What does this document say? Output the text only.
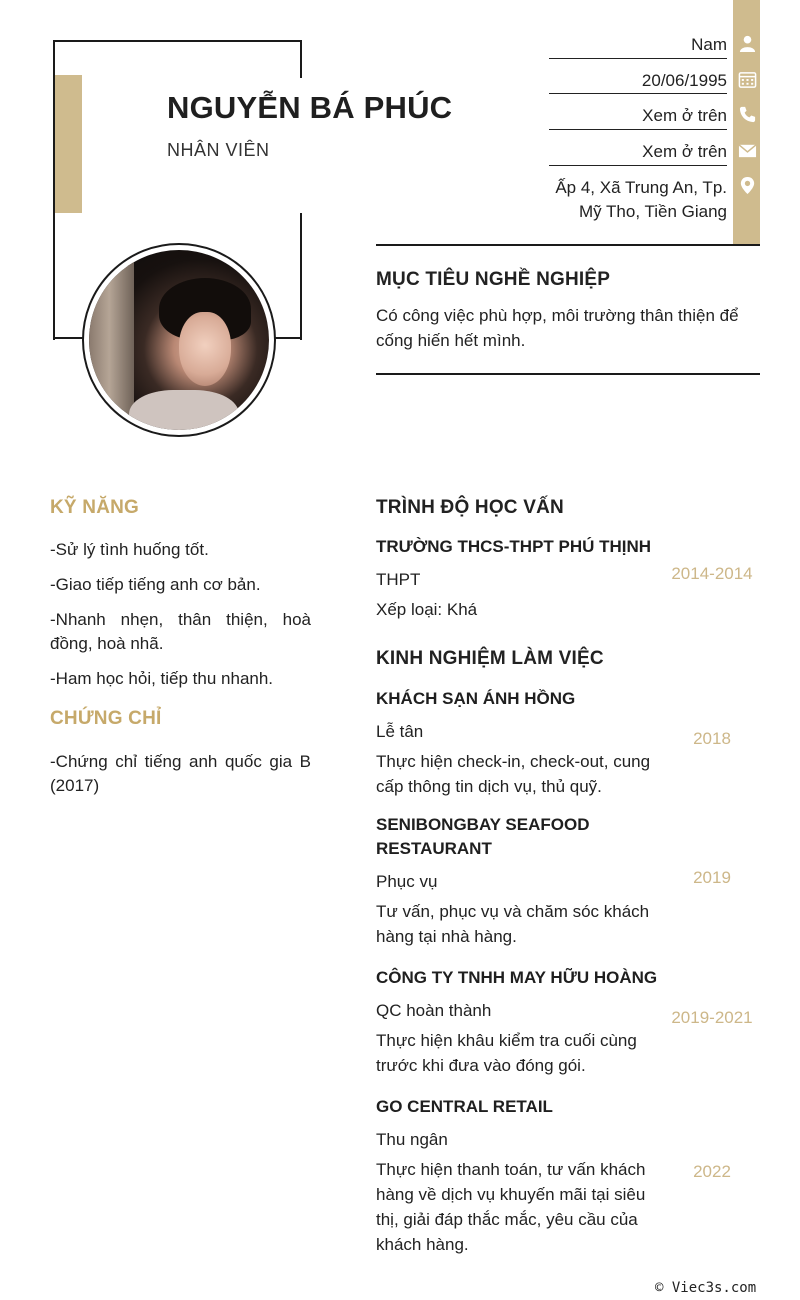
NGUYỄN BÁ PHÚC
NHÂN VIÊN
Nam
20/06/1995
Xem ở trên
Xem ở trên
Ấp 4, Xã Trung An, Tp.
Mỹ Tho, Tiền Giang
MỤC TIÊU NGHỀ NGHIỆP
Có công việc phù hợp, môi trường thân thiện để
cống hiến hết mình.
KỸ NĂNG
-Sử lý tình huống tốt.
-Giao tiếp tiếng anh cơ bản.
-Nhanh nhẹn, thân thiện, hoà
đồng, hoà nhã.
-Ham học hỏi, tiếp thu nhanh.
CHỨNG CHỈ
-Chứng chỉ tiếng anh quốc gia B
(2017)
TRÌNH ĐỘ HỌC VẤN
TRƯỜNG THCS-THPT PHÚ THỊNH
THPT
Xếp loại: Khá
2014-2014
KINH NGHIỆM LÀM VIỆC
KHÁCH SẠN ÁNH HỒNG
Lễ tân
Thực hiện check-in, check-out, cung
cấp thông tin dịch vụ, thủ quỹ.
2018
SENIBONGBAY SEAFOOD
RESTAURANT
Phục vụ
Tư vấn, phục vụ và chăm sóc khách
hàng tại nhà hàng.
2019
CÔNG TY TNHH MAY HỮU HOÀNG
QC hoàn thành
Thực hiện khâu kiểm tra cuối cùng
trước khi đưa vào đóng gói.
2019-2021
GO CENTRAL RETAIL
Thu ngân
Thực hiện thanh toán, tư vấn khách
hàng về dịch vụ khuyến mãi tại siêu
thị, giải đáp thắc mắc, yêu cầu của
khách hàng.
2022
© Viec3s.com
